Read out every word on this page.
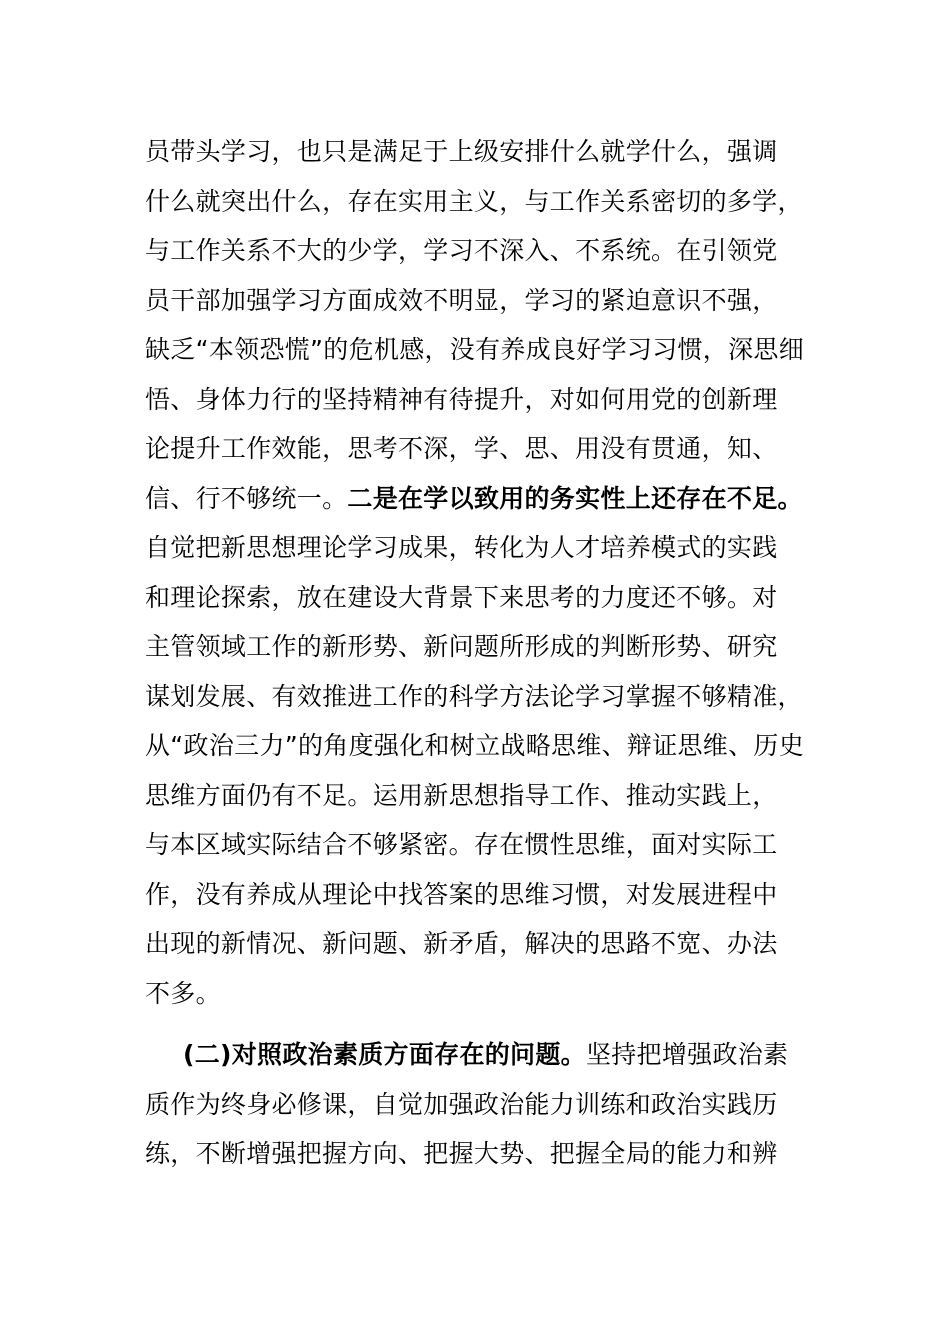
员带头学习，也只是满足于上级安排什么就学什么，强调
什么就突出什么，存在实用主义，与工作关系密切的多学，
与工作关系不大的少学，学习不深入、不系统。在引领党
员干部加强学习方面成效不明显，学习的紧迫意识不强，
缺乏“本领恐慌”的危机感，没有养成良好学习习惯，深思细
悟、身体力行的坚持精神有待提升，对如何用党的创新理
论提升工作效能，思考不深，学、思、用没有贯通，知、
信、行不够统一。二是在学以致用的务实性上还存在不足。
自觉把新思想理论学习成果，转化为人才培养模式的实践
和理论探索，放在建设大背景下来思考的力度还不够。对
主管领域工作的新形势、新问题所形成的判断形势、研究
谋划发展、有效推进工作的科学方法论学习掌握不够精准，
从“政治三力”的角度强化和树立战略思维、辩证思维、历史
思维方面仍有不足。运用新思想指导工作、推动实践上，
与本区域实际结合不够紧密。存在惯性思维，面对实际工
作，没有养成从理论中找答案的思维习惯，对发展进程中
出现的新情况、新问题、新矛盾，解决的思路不宽、办法
不多。
(二)对照政治素质方面存在的问题。坚持把增强政治素
质作为终身必修课，自觉加强政治能力训练和政治实践历
练，不断增强把握方向、把握大势、把握全局的能力和辨
